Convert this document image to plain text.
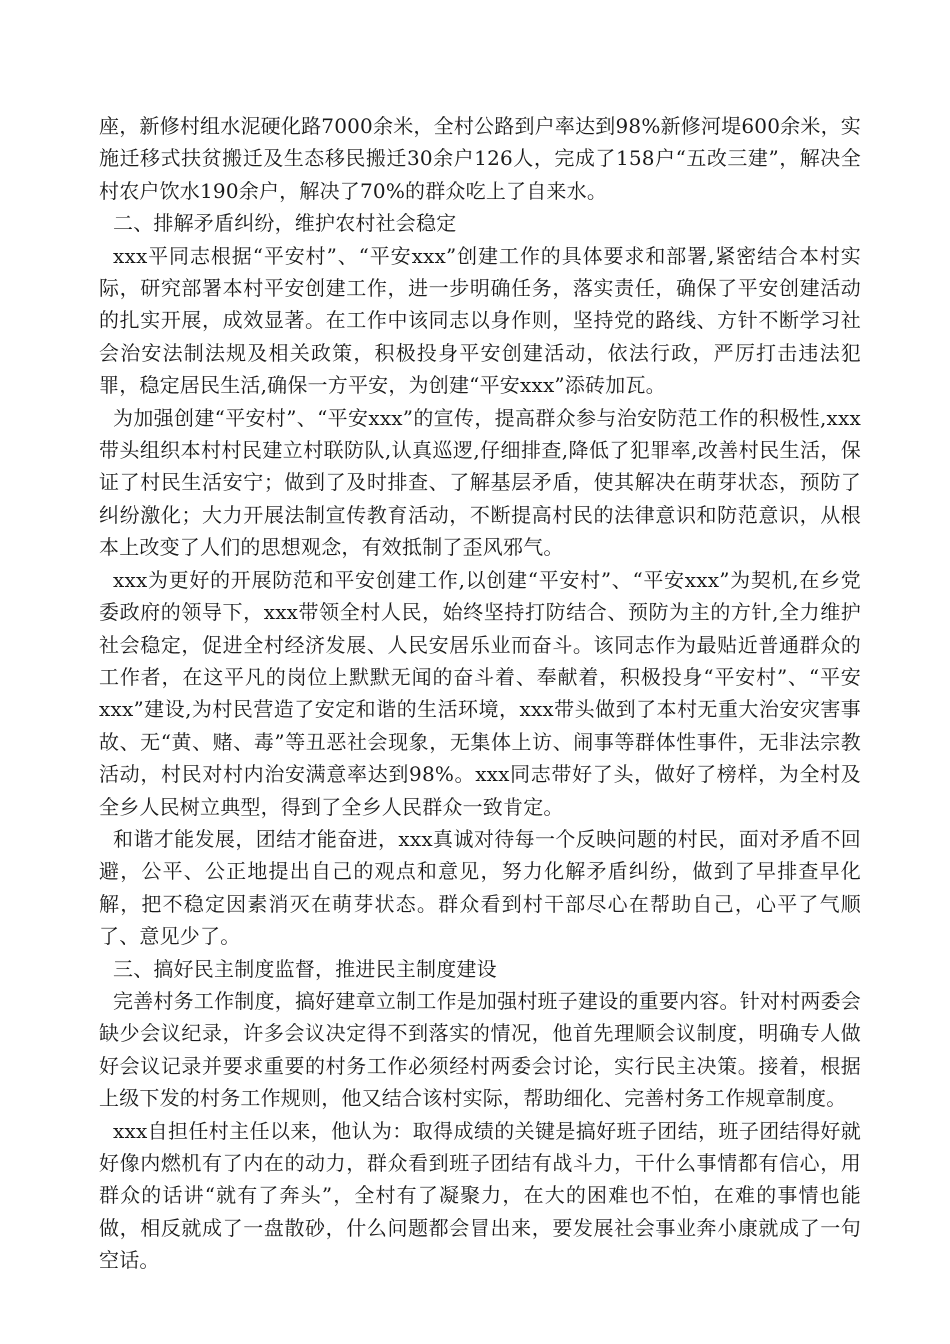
座，新修村组水泥硬化路7000余米，全村公路到户率达到98%新修河堤600余米，实施迁移式扶贫搬迁及生态移民搬迁30余户126人，完成了158户“五改三建”，解决全村农户饮水190余户，解决了70%的群众吃上了自来水。

二、排解矛盾纠纷，维护农村社会稳定

xxx平同志根据“平安村”、“平安xxx”创建工作的具体要求和部署,紧密结合本村实际，研究部署本村平安创建工作，进一步明确任务，落实责任，确保了平安创建活动的扎实开展，成效显著。在工作中该同志以身作则，坚持党的路线、方针不断学习社会治安法制法规及相关政策，积极投身平安创建活动，依法行政，严厉打击违法犯罪，稳定居民生活,确保一方平安，为创建“平安xxx”添砖加瓦。

为加强创建“平安村”、“平安xxx”的宣传，提高群众参与治安防范工作的积极性,xxx带头组织本村村民建立村联防队,认真巡逻,仔细排查,降低了犯罪率,改善村民生活，保证了村民生活安宁；做到了及时排查、了解基层矛盾，使其解决在萌芽状态，预防了纠纷激化；大力开展法制宣传教育活动，不断提高村民的法律意识和防范意识，从根本上改变了人们的思想观念，有效抵制了歪风邪气。

xxx为更好的开展防范和平安创建工作,以创建“平安村”、“平安xxx”为契机,在乡党委政府的领导下，xxx带领全村人民，始终坚持打防结合、预防为主的方针,全力维护社会稳定，促进全村经济发展、人民安居乐业而奋斗。该同志作为最贴近普通群众的工作者，在这平凡的岗位上默默无闻的奋斗着、奉献着，积极投身“平安村”、“平安xxx”建设,为村民营造了安定和谐的生活环境，xxx带头做到了本村无重大治安灾害事故、无“黄、赌、毒”等丑恶社会现象，无集体上访、闹事等群体性事件，无非法宗教活动，村民对村内治安满意率达到98%。xxx同志带好了头，做好了榜样，为全村及全乡人民树立典型，得到了全乡人民群众一致肯定。

和谐才能发展，团结才能奋进，xxx真诚对待每一个反映问题的村民，面对矛盾不回避，公平、公正地提出自己的观点和意见，努力化解矛盾纠纷，做到了早排查早化解，把不稳定因素消灭在萌芽状态。群众看到村干部尽心在帮助自己，心平了气顺了、意见少了。

三、搞好民主制度监督，推进民主制度建设

完善村务工作制度，搞好建章立制工作是加强村班子建设的重要内容。针对村两委会缺少会议纪录，许多会议决定得不到落实的情况，他首先理顺会议制度，明确专人做好会议记录并要求重要的村务工作必须经村两委会讨论，实行民主决策。接着，根据上级下发的村务工作规则，他又结合该村实际，帮助细化、完善村务工作规章制度。

xxx自担任村主任以来，他认为：取得成绩的关键是搞好班子团结，班子团结得好就好像内燃机有了内在的动力，群众看到班子团结有战斗力，干什么事情都有信心，用群众的话讲“就有了奔头”，全村有了凝聚力，在大的困难也不怕，在难的事情也能做，相反就成了一盘散砂，什么问题都会冒出来，要发展社会事业奔小康就成了一句空话。
